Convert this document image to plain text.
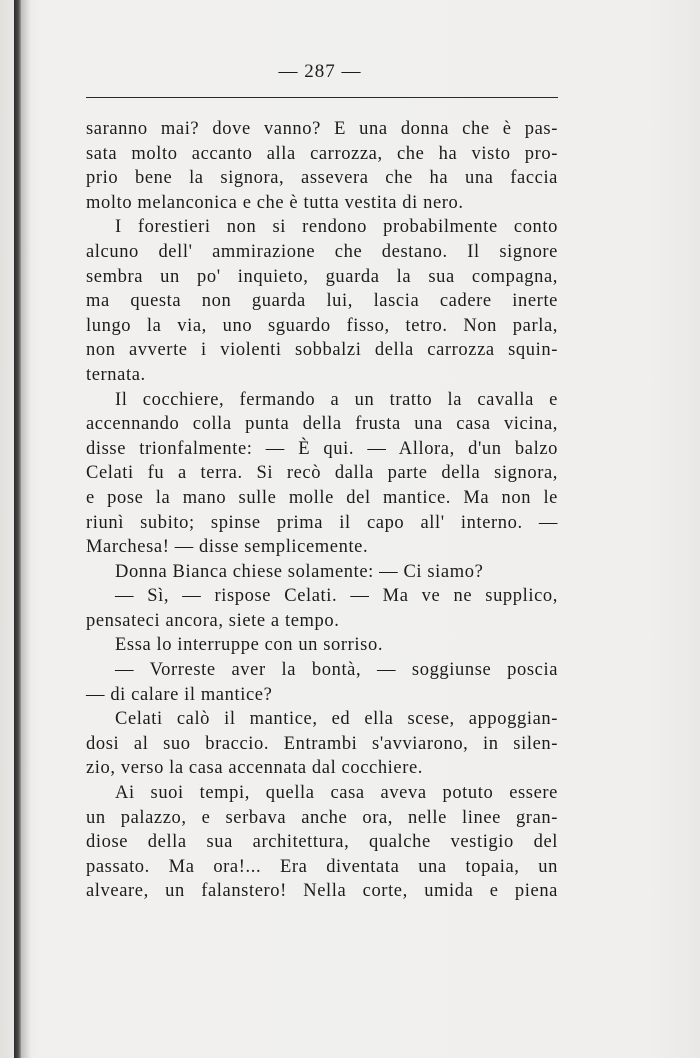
— 287 —
saranno mai? dove vanno? E una donna che è pas-
sata molto accanto alla carrozza, che ha visto pro-
prio bene la signora, assevera che ha una faccia
molto melanconica e che è tutta vestita di nero.
I forestieri non si rendono probabilmente conto
alcuno dell' ammirazione che destano. Il signore
sembra un po' inquieto, guarda la sua compagna,
ma questa non guarda lui, lascia cadere inerte
lungo la via, uno sguardo fisso, tetro. Non parla,
non avverte i violenti sobbalzi della carrozza squin-
ternata.
Il cocchiere, fermando a un tratto la cavalla e
accennando colla punta della frusta una casa vicina,
disse trionfalmente: — È qui. — Allora, d'un balzo
Celati fu a terra. Si recò dalla parte della signora,
e pose la mano sulle molle del mantice. Ma non le
riunì subito; spinse prima il capo all' interno. —
Marchesa! — disse semplicemente.
Donna Bianca chiese solamente: — Ci siamo?
— Sì, — rispose Celati. — Ma ve ne supplico,
pensateci ancora, siete a tempo.
Essa lo interruppe con un sorriso.
— Vorreste aver la bontà, — soggiunse poscia
— di calare il mantice?
Celati calò il mantice, ed ella scese, appoggian-
dosi al suo braccio. Entrambi s'avviarono, in silen-
zio, verso la casa accennata dal cocchiere.
Ai suoi tempi, quella casa aveva potuto essere
un palazzo, e serbava anche ora, nelle linee gran-
diose della sua architettura, qualche vestigio del
passato. Ma ora!... Era diventata una topaia, un
alveare, un falanstero! Nella corte, umida e piena
